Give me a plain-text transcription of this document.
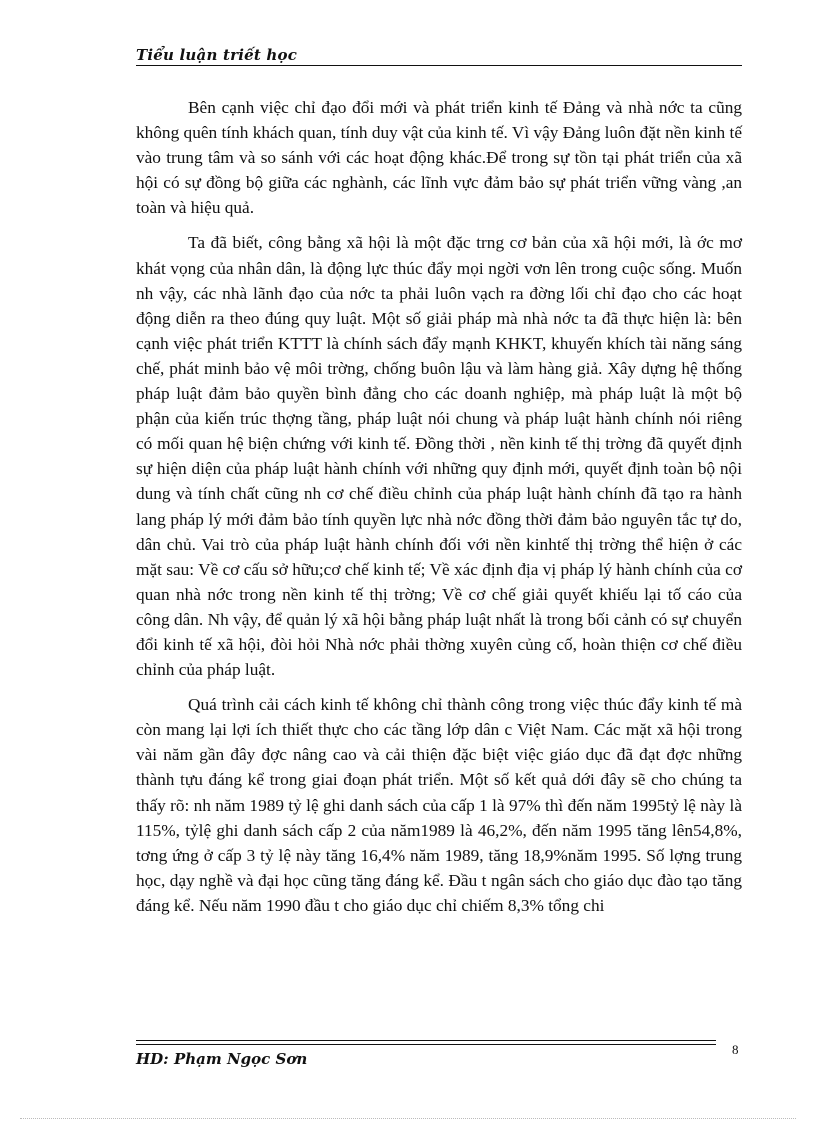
Tiểu luận triết học

Bên cạnh việc chỉ đạo đổi mới và phát triển kinh tế Đảng và nhà nớc ta cũng không quên tính khách quan, tính duy vật của kinh tế. Vì vậy Đảng luôn đặt nền kinh tế vào trung tâm và so sánh với các hoạt động khác.Để trong sự tồn tại phát triển của xã hội có sự đồng bộ giữa các nghành, các lĩnh vực đảm bảo sự phát triển vững vàng ,an toàn và hiệu quả.

Ta đã biết, công bằng xã hội là một đặc trng cơ bản của xã hội mới, là ớc mơ khát vọng của nhân dân, là động lực thúc đẩy mọi ngời vơn lên trong cuộc sống. Muốn nh vậy, các nhà lãnh đạo của nớc ta phải luôn vạch ra đờng lối chỉ đạo cho các hoạt động diễn ra theo đúng quy luật. Một số giải pháp mà nhà nớc ta đã thực hiện là: bên cạnh việc phát triển KTTT là chính sách đẩy mạnh KHKT, khuyến khích tài năng sáng chế, phát minh bảo vệ môi trờng, chống buôn lậu và làm hàng giả. Xây dựng hệ thống pháp luật đảm bảo quyền bình đẳng cho các doanh nghiệp, mà pháp luật là một bộ phận của kiến trúc thợng tầng, pháp luật nói chung và pháp luật hành chính nói riêng có mối quan hệ biện chứng với kinh tế. Đồng thời , nền kinh tế thị trờng đã quyết định sự hiện diện của pháp luật hành chính với những quy định mới, quyết định toàn bộ nội dung và tính chất cũng nh cơ chế điều chỉnh của pháp luật hành chính đã tạo ra hành lang pháp lý mới đảm bảo tính quyền lực nhà nớc đồng thời đảm bảo nguyên tắc tự do, dân chủ. Vai trò của pháp luật hành chính đối với nền kinhtế thị trờng thể hiện ở các mặt sau: Về cơ cấu sở hữu;cơ chế kinh tế; Về xác định địa vị pháp lý hành chính của cơ quan nhà nớc trong nền kinh tế thị trờng; Về cơ chế giải quyết khiếu lại tố cáo của công dân. Nh vậy, để quản lý xã hội bằng pháp luật nhất là trong bối cảnh có sự chuyển đổi kinh tế xã hội, đòi hỏi Nhà nớc phải thờng xuyên củng cố, hoàn thiện cơ chế điều chỉnh của pháp luật.

Quá trình cải cách kinh tế không chỉ thành công trong việc thúc đẩy kinh tế mà còn mang lại lợi ích thiết thực cho các tầng lớp dân c Việt Nam. Các mặt xã hội trong vài năm gần đây đợc nâng cao và cải thiện đặc biệt việc giáo dục đã đạt đợc những thành tựu đáng kể trong giai đoạn phát triển. Một số kết quả dới đây sẽ cho chúng ta thấy rõ: nh năm 1989 tỷ lệ ghi danh sách của cấp 1 là 97% thì đến năm 1995tỷ lệ này là 115%, tỷlệ ghi danh sách cấp 2 của năm1989 là 46,2%, đến năm 1995 tăng lên54,8%, tơng ứng ở cấp 3 tỷ lệ này tăng 16,4% năm 1989, tăng 18,9%năm 1995. Số lợng trung học, dạy nghề và đại học cũng tăng đáng kể. Đầu t ngân sách cho giáo dục đào tạo tăng đáng kể. Nếu năm 1990 đầu t cho giáo dục chỉ chiếm 8,3% tổng chi

HD: Phạm Ngọc Sơn
8
